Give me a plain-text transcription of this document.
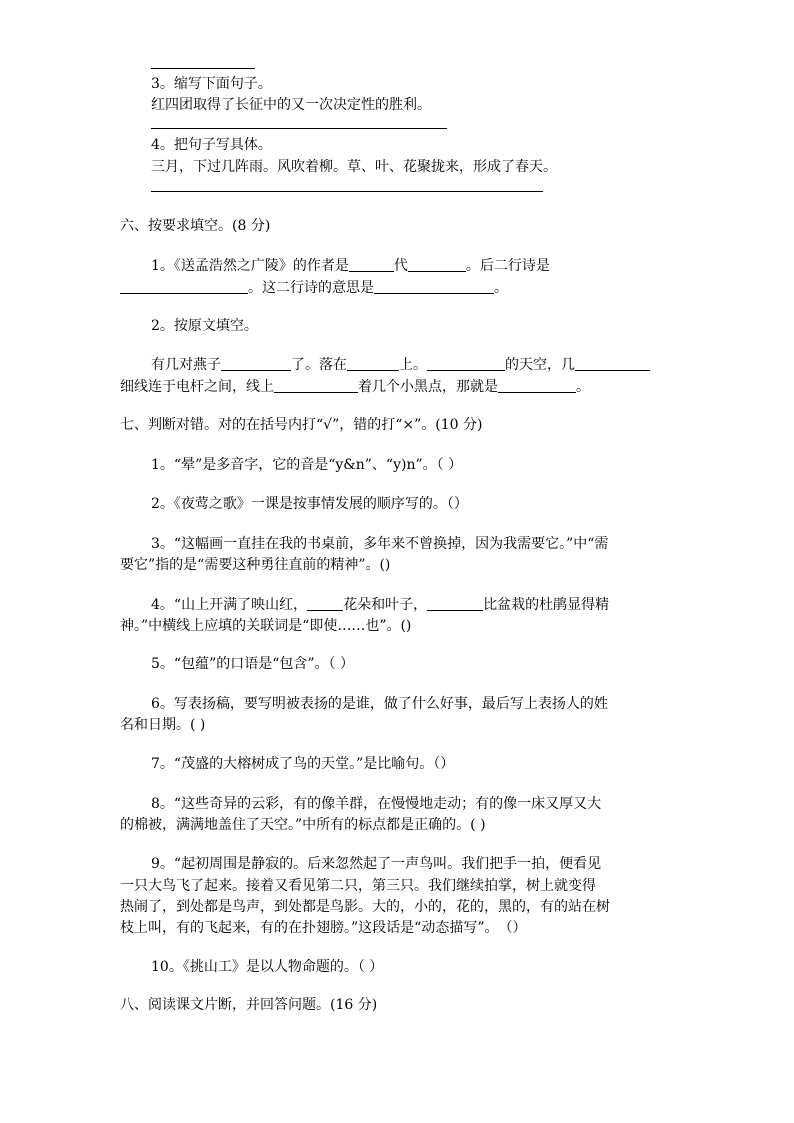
3。缩写下面句子。
红四团取得了长征中的又一次决定性的胜利。
4。把句子写具体。
三月，下过几阵雨。风吹着柳。草、叶、花聚拢来，形成了春天。
六、按要求填空。(8 分)
1。《送孟浩然之广陵》的作者是	代	。后二行诗是
。这二行诗的意思是	。
2。按原文填空。
有几对燕子	了。落在	上。	的天空，几
细线连于电杆之间，线上	着几个小黑点，那就是	。
七、判断对错。对的在括号内打“√”，错的打“×”。(10 分)
1。“晕”是多音字，它的音是“y&n”、“y)n”。（ ）
2。《夜莺之歌》一课是按事情发展的顺序写的。（）
3。“这幅画一直挂在我的书桌前，多年来不曾换掉，因为我需要它。”中“需
要它”指的是“需要这种勇往直前的精神”。()
4。“山上开满了映山红，	花朵和叶子，	比盆栽的杜鹃显得精
神。”中横线上应填的关联词是“即使……也”。()
5。“包蕴”的口语是“包含”。（ ）
6。写表扬稿，要写明被表扬的是谁，做了什么好事，最后写上表扬人的姓
名和日期。( )
7。“茂盛的大榕树成了鸟的天堂。”是比喻句。（）
8。“这些奇异的云彩，有的像羊群，在慢慢地走动；有的像一床又厚又大
的棉被，满满地盖住了天空。”中所有的标点都是正确的。( )
9。“起初周围是静寂的。后来忽然起了一声鸟叫。我们把手一拍，便看见
一只大鸟飞了起来。接着又看见第二只，第三只。我们继续拍掌，树上就变得
热闹了，到处都是鸟声，到处都是鸟影。大的，小的，花的，黑的，有的站在树
枝上叫，有的飞起来，有的在扑翅膀。”这段话是“动态描写”。　（）
10。《挑山工》是以人物命题的。（ ）
八、阅读课文片断，并回答问题。(16 分)
